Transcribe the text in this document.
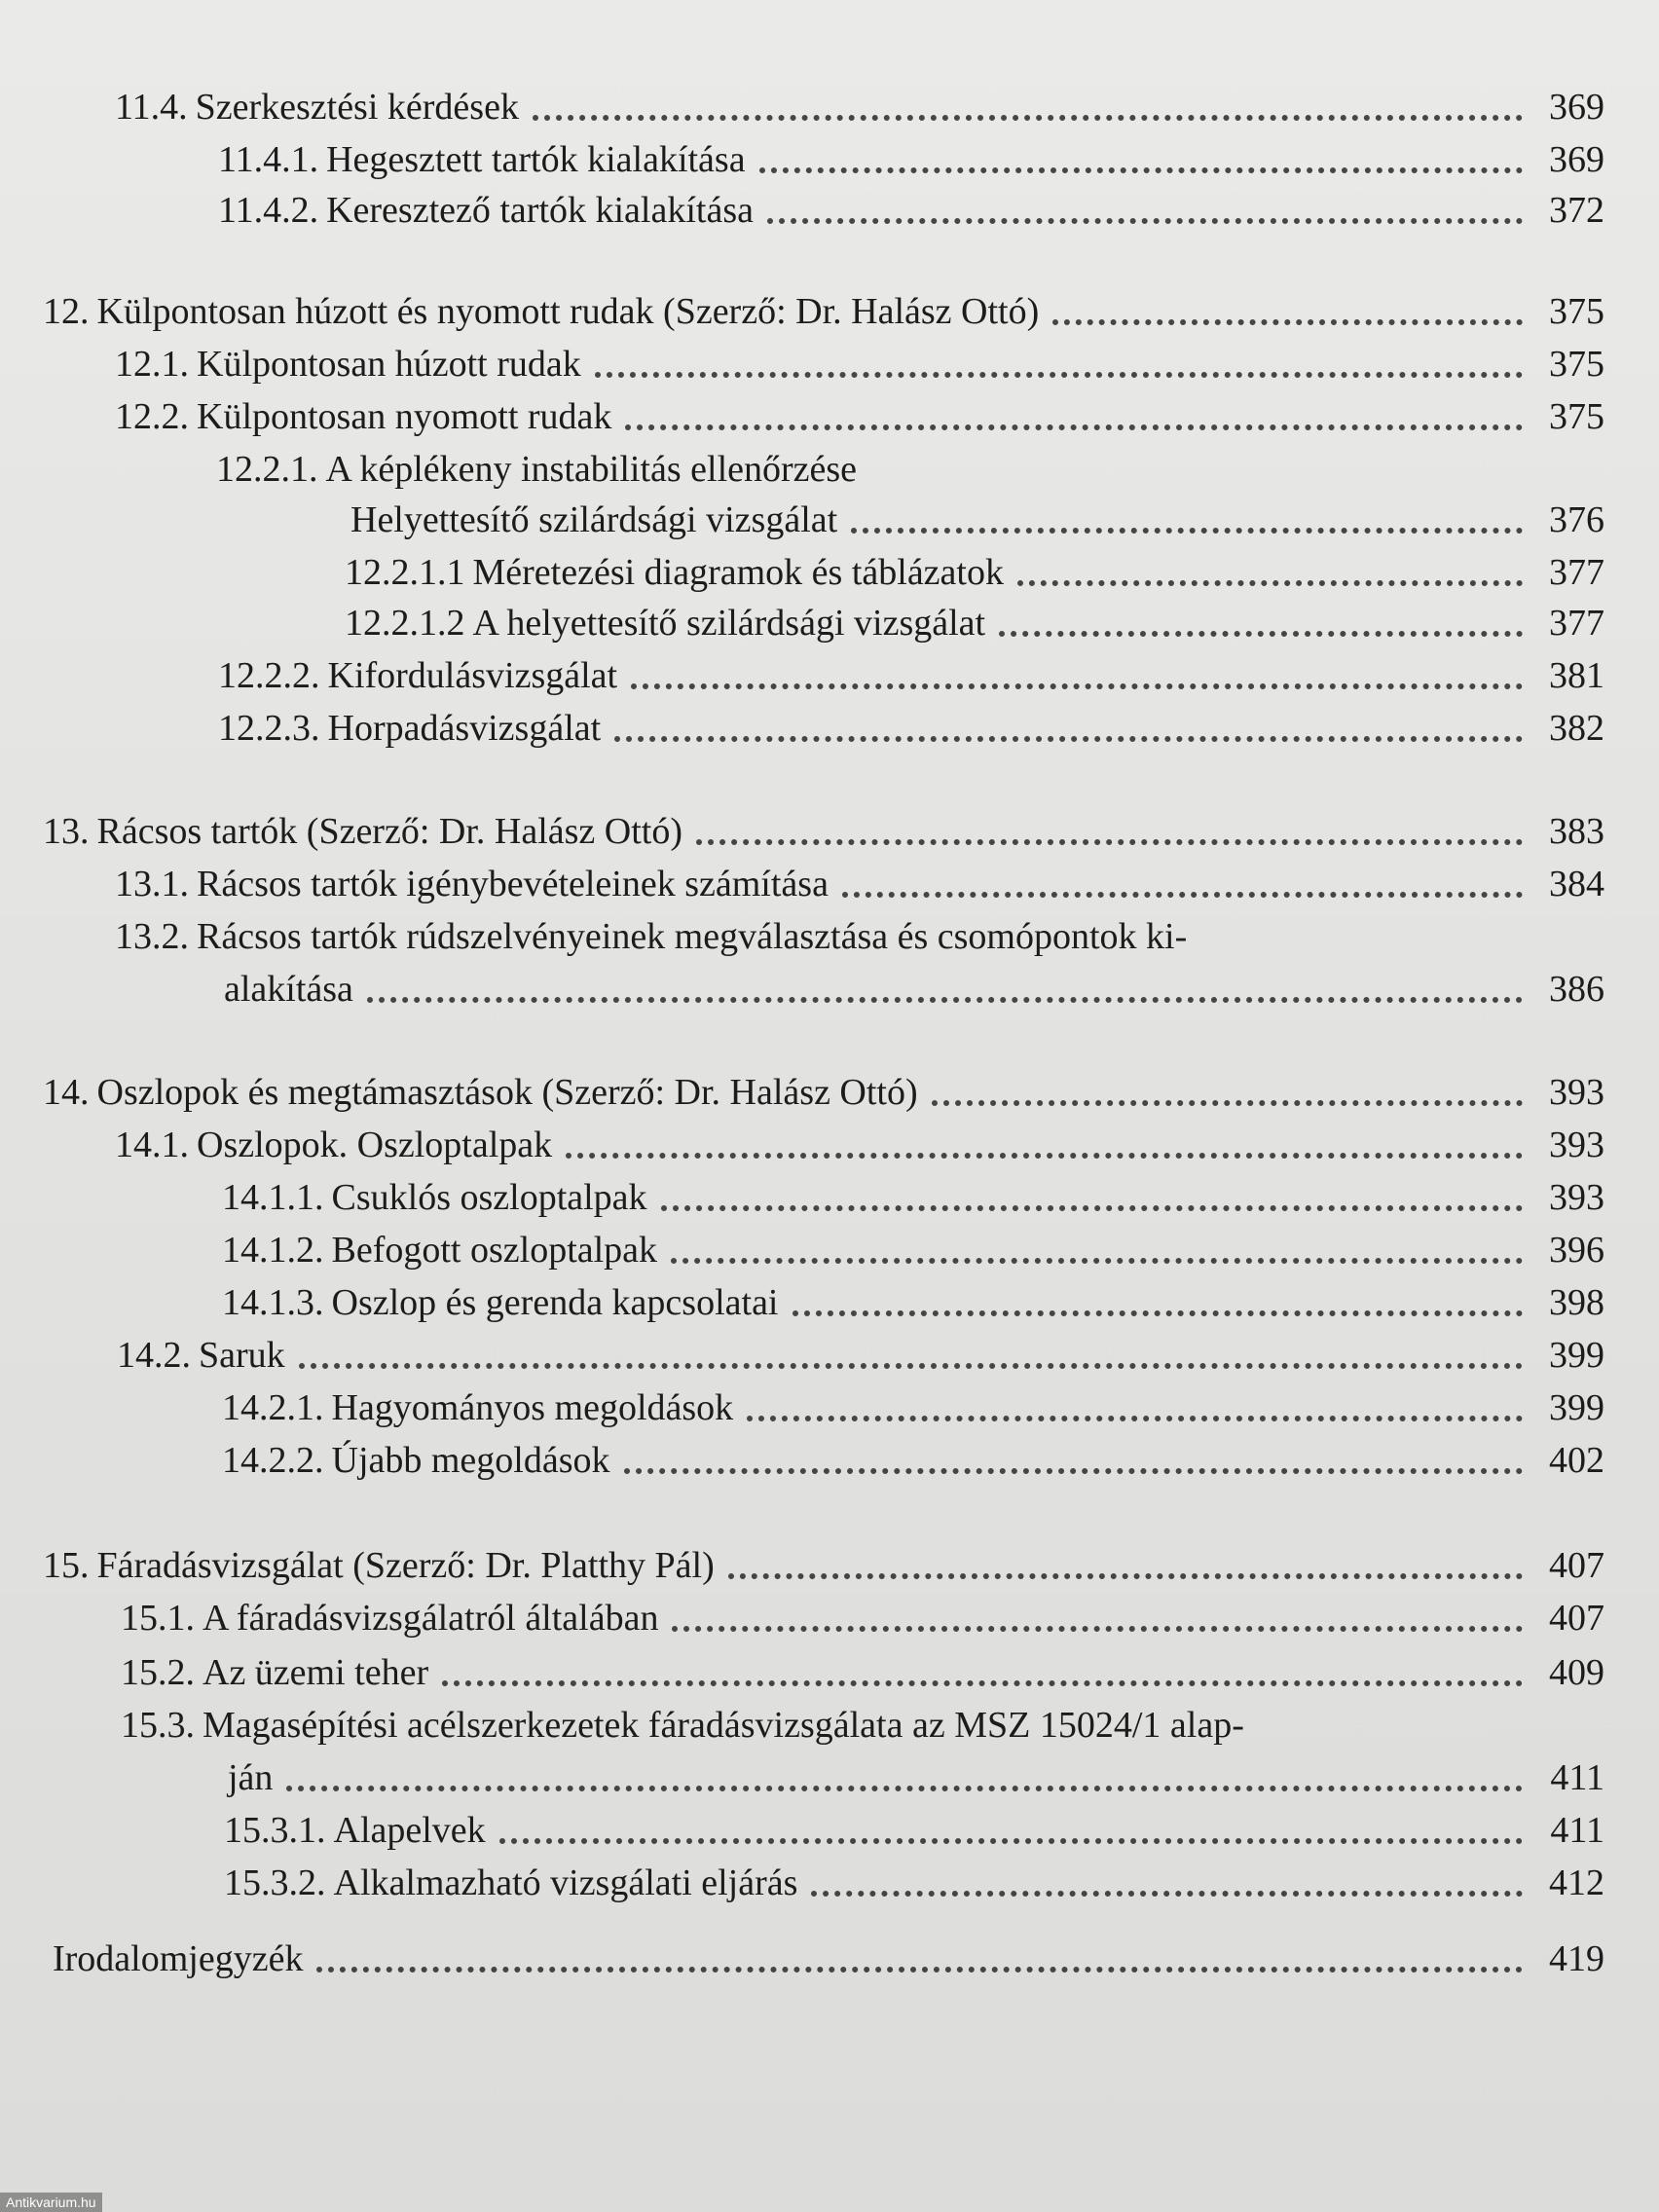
11.4. Szerkesztési kérdések	369
11.4.1. Hegesztett tartók kialakítása	369
11.4.2. Keresztező tartók kialakítása	372
12. Külpontosan húzott és nyomott rudak (Szerző: Dr. Halász Ottó)	375
12.1. Külpontosan húzott rudak	375
12.2. Külpontosan nyomott rudak	375
12.2.1. A képlékeny instabilitás ellenőrzése
Helyettesítő szilárdsági vizsgálat	376
12.2.1.1 Méretezési diagramok és táblázatok	377
12.2.1.2 A helyettesítő szilárdsági vizsgálat	377
12.2.2. Kifordulásvizsgálat	381
12.2.3. Horpadásvizsgálat	382
13. Rácsos tartók (Szerző: Dr. Halász Ottó)	383
13.1. Rácsos tartók igénybevételeinek számítása	384
13.2. Rácsos tartók rúdszelvényeinek megválasztása és csomópontok ki-
alakítása	386
14. Oszlopok és megtámasztások (Szerző: Dr. Halász Ottó)	393
14.1. Oszlopok. Oszloptalpak	393
14.1.1. Csuklós oszloptalpak	393
14.1.2. Befogott oszloptalpak	396
14.1.3. Oszlop és gerenda kapcsolatai	398
14.2. Saruk	399
14.2.1. Hagyományos megoldások	399
14.2.2. Újabb megoldások	402
15. Fáradásvizsgálat (Szerző: Dr. Platthy Pál)	407
15.1. A fáradásvizsgálatról általában	407
15.2. Az üzemi teher	409
15.3. Magasépítési acélszerkezetek fáradásvizsgálata az MSZ 15024/1 alap-
ján	411
15.3.1. Alapelvek	411
15.3.2. Alkalmazható vizsgálati eljárás	412
Irodalomjegyzék	419
Antikvarium.hu
